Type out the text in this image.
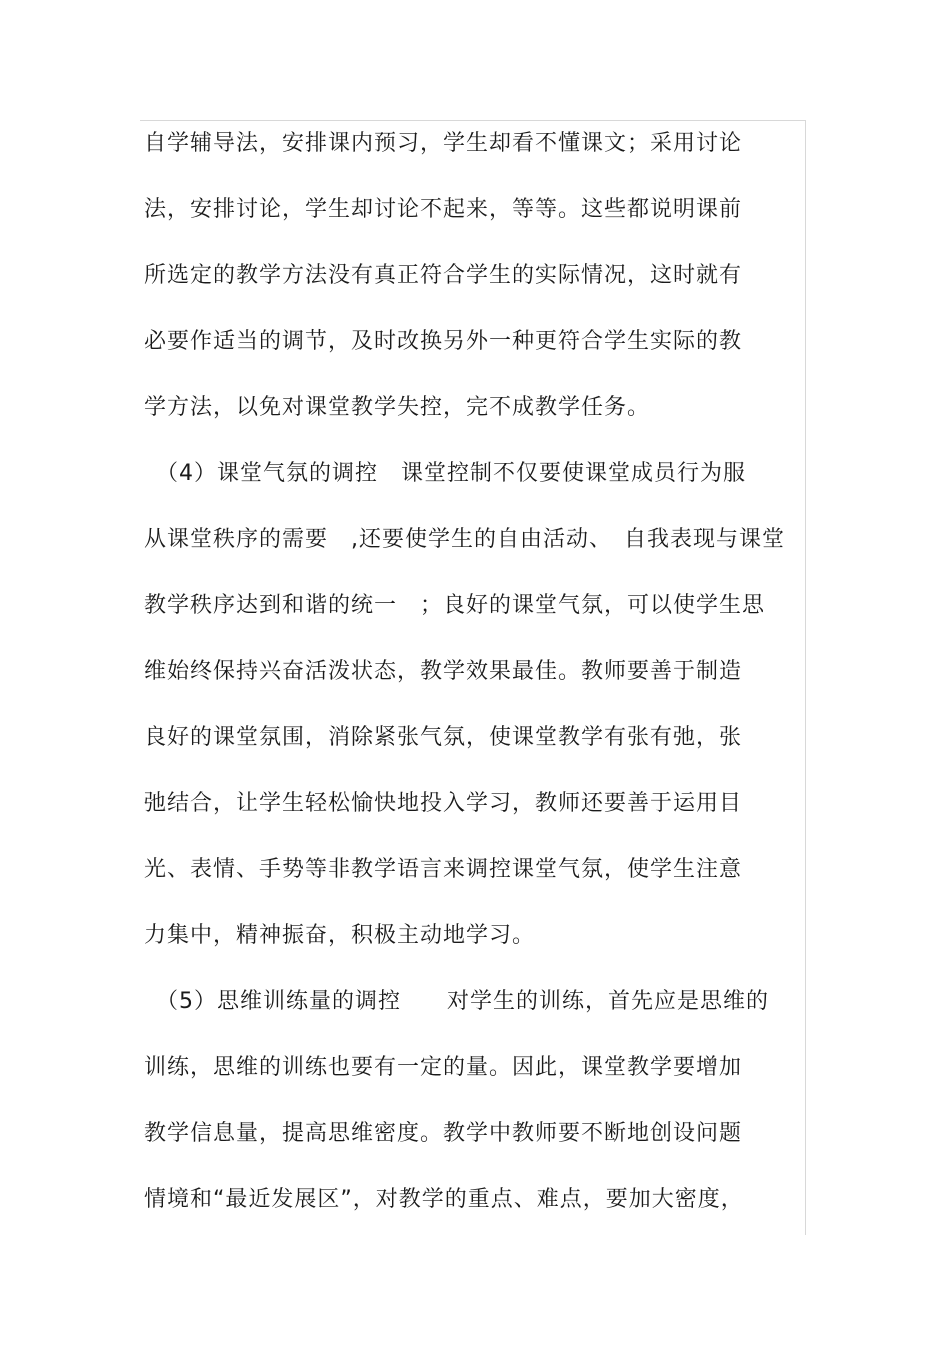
自学辅导法，安排课内预习，学生却看不懂课文；采用讨论

法，安排讨论，学生却讨论不起来，等等。这些都说明课前

所选定的教学方法没有真正符合学生的实际情况，这时就有

必要作适当的调节，及时改换另外一种更符合学生实际的教

学方法，以免对课堂教学失控，完不成教学任务。

　（4）课堂气氛的调控　课堂控制不仅要使课堂成员行为服

从课堂秩序的需要　,还要使学生的自由活动、　自我表现与课堂

教学秩序达到和谐的统一　；良好的课堂气氛，可以使学生思

维始终保持兴奋活泼状态，教学效果最佳。教师要善于制造

良好的课堂氛围，消除紧张气氛，使课堂教学有张有弛，张

弛结合，让学生轻松愉快地投入学习，教师还要善于运用目

光、表情、手势等非教学语言来调控课堂气氛，使学生注意

力集中，精神振奋，积极主动地学习。

　（5）思维训练量的调控　　对学生的训练，首先应是思维的

训练，思维的训练也要有一定的量。因此，课堂教学要增加

教学信息量，提高思维密度。教学中教师要不断地创设问题

情境和“最近发展区”，对教学的重点、难点，要加大密度，
